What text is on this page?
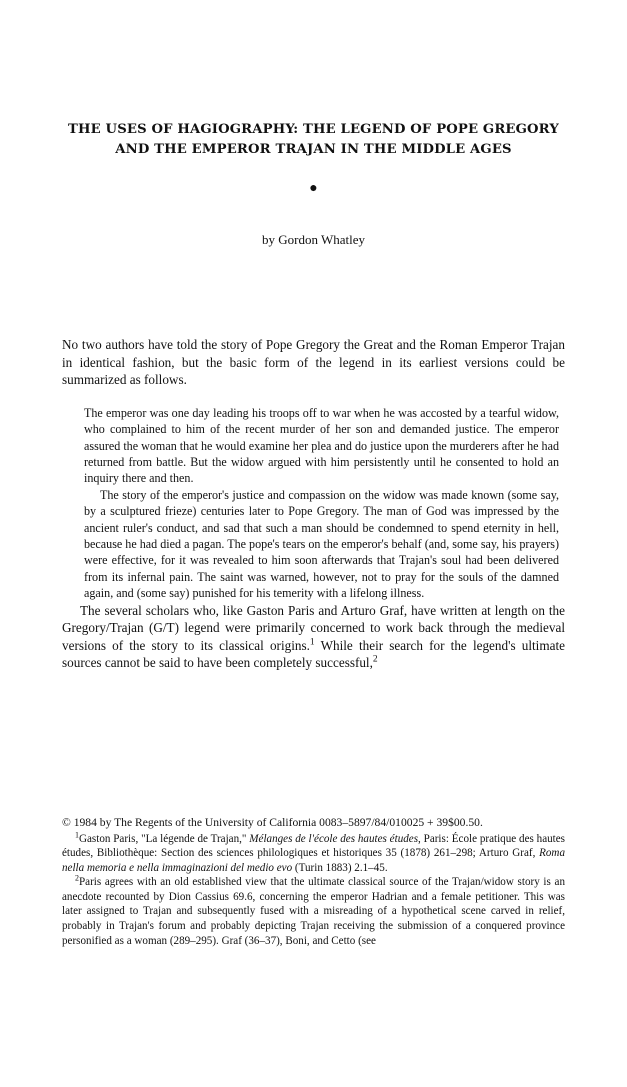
THE USES OF HAGIOGRAPHY: THE LEGEND OF POPE GREGORY
AND THE EMPEROR TRAJAN IN THE MIDDLE AGES
●
by Gordon Whatley

No two authors have told the story of Pope Gregory the Great and the Roman Emperor Trajan in identical fashion, but the basic form of the legend in its earliest versions could be summarized as follows.

The emperor was one day leading his troops off to war when he was accosted by a tearful widow, who complained to him of the recent murder of her son and demanded justice. The emperor assured the woman that he would examine her plea and do justice upon the murderers after he had returned from battle. But the widow argued with him persistently until he consented to hold an inquiry there and then.

The story of the emperor's justice and compassion on the widow was made known (some say, by a sculptured frieze) centuries later to Pope Gregory. The man of God was impressed by the ancient ruler's conduct, and sad that such a man should be condemned to spend eternity in hell, because he had died a pagan. The pope's tears on the emperor's behalf (and, some say, his prayers) were effective, for it was revealed to him soon afterwards that Trajan's soul had been delivered from its infernal pain. The saint was warned, however, not to pray for the souls of the damned again, and (some say) punished for his temerity with a lifelong illness.

The several scholars who, like Gaston Paris and Arturo Graf, have written at length on the Gregory/Trajan (G/T) legend were primarily concerned to work back through the medieval versions of the story to its classical origins.$^1$ While their search for the legend's ultimate sources cannot be said to have been completely successful,$^2$

© 1984 by The Regents of the University of California 0083–5897/84/010025 + 39$00.50.

$^1$Gaston Paris, "La légende de Trajan," Mélanges de l'école des hautes études, Paris: École pratique des hautes études, Bibliothèque: Section des sciences philologiques et historiques 35 (1878) 261–298; Arturo Graf, Roma nella memoria e nella immaginazioni del medio evo (Turin 1883) 2.1–45.

$^2$Paris agrees with an old established view that the ultimate classical source of the Trajan/widow story is an anecdote recounted by Dion Cassius 69.6, concerning the emperor Hadrian and a female petitioner. This was later assigned to Trajan and subsequently fused with a misreading of a hypothetical scene carved in relief, probably in Trajan's forum and probably depicting Trajan receiving the submission of a conquered province personified as a woman (289–295). Graf (36–37), Boni, and Cetto (see
